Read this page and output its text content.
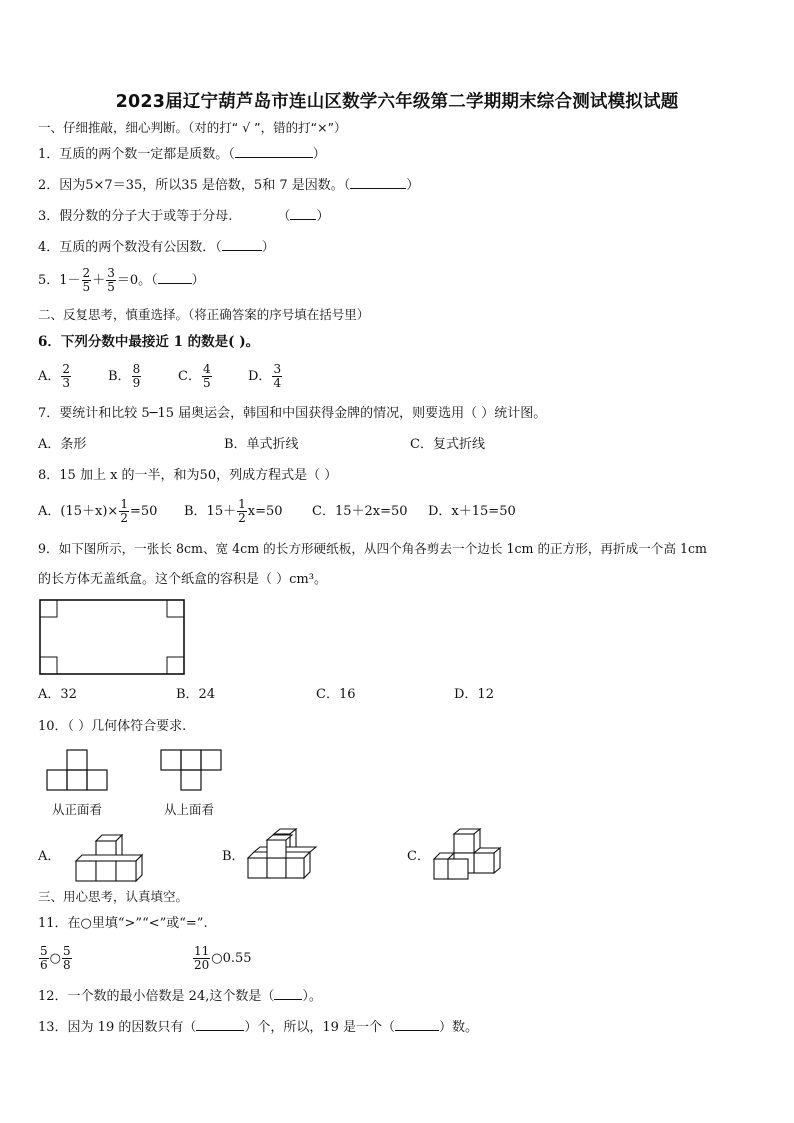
2023届辽宁葫芦岛市连山区数学六年级第二学期期末综合测试模拟试题
一、仔细推敲，细心判断。（对的打“ √ ”，错的打“×”）
1．互质的两个数一定都是质数。（	）
2．因为5×7＝35，所以35 是倍数，5和 7 是因数。（	）
3．假分数的分子大于或等于分母.	（ ）
4．互质的两个数没有公因数．（	）
5．$1- \frac{2}{5} + \frac{3}{5} =0$。（	）
二、反复思考，慎重选择。（将正确答案的序号填在括号里）
6．下列分数中最接近 1 的数是( )。
A． $\frac{2}{3}$	B． $\frac{8}{9}$	C． $\frac{4}{5}$	D． $\frac{3}{4}$
7．要统计和比较 5─15 届奥运会，韩国和中国获得金牌的情况，则要选用（ ）统计图。
A．条形	B．单式折线	C．复式折线
8．15 加上 x 的一半，和为50，列成方程式是（ ）
A．$(15+x)\times \frac{1}{2} =50$ B．$15+ \frac{1}{2} x=50$ C．15＋2x=50 D．x＋15=50
9．如下图所示，一张长 8cm、宽 4cm 的长方形硬纸板，从四个角各剪去一个边长 1cm 的正方形，再折成一个高 1cm
的长方体无盖纸盒。这个纸盒的容积是（ ）cm³。
A．32	B．24	C．16	D．12
10．（ ）几何体符合要求.
从正面看	从上面看
A．	B．	C．
三、用心思考，认真填空。
11．在○里填“>”“<”或“=”.
$\frac{5}{6}$ ○ $\frac{5}{8}$	$\frac{11}{20}$ ○0.55
12．一个数的最小倍数是 24,这个数是（ ）。
13．因为 19 的因数只有（	）个，所以，19 是一个（	）数。
